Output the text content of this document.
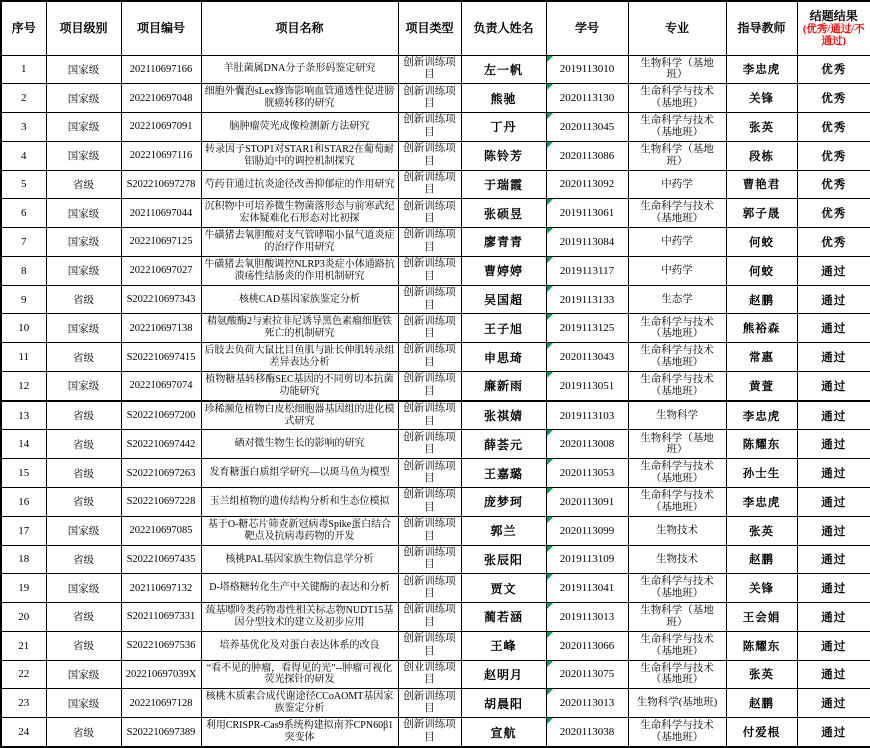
序号	项目级别	项目编号	项目名称	项目类型	负责人姓名	学号	专业	指导教师	结题结果
(优秀/通过/不通过)

1	国家级	202110697166	羊肚菌属DNA分子条形码鉴定研究	创新训练项目	左一帆	2019113010	生物科学（基地班）	李忠虎	优秀
2	国家级	202210697048	细胞外囊泡sLex修饰影响血管通透性促进膀胱癌转移的研究	创新训练项目	熊驰	2020113130	生命科学与技术（基地班）	关锋	优秀
3	国家级	202210697091	脑肿瘤荧光成像检测新方法研究	创新训练项目	丁丹	2020113045	生命科学与技术（基地班）	张英	优秀
4	国家级	202210697116	转录因子STOP1对STAR1和STAR2在葡萄耐铝胁迫中的调控机制探究	创新训练项目	陈铃芳	2020113086	生物科学（基地班）	段栋	优秀
5	省级	S202210697278	芍药苷通过抗炎途径改善抑郁症的作用研究	创新训练项目	于瑞霞	2020113092	中药学	曹艳君	优秀
6	国家级	202110697044	沉积物中可培养微生物菌落形态与前寒武纪宏体疑难化石形态对比初探	创新训练项目	张硕昱	2019113061	生命科学与技术（基地班）	郭子晟	优秀
7	国家级	202210697125	牛磺猪去氧胆酸对支气管哮喘小鼠气道炎症的治疗作用研究	创新训练项目	廖青青	2019113084	中药学	何蛟	优秀
8	国家级	202210697027	牛磺猪去氧胆酸调控NLRP3炎症小体通路抗溃疡性结肠炎的作用机制研究	创新训练项目	曹婷婷	2019113117	中药学	何蛟	通过
9	省级	S202210697343	核桃CAD基因家族鉴定分析	创新训练项目	吴国超	2019113133	生态学	赵鹏	通过
10	国家级	202210697138	精氨酸酶2与索拉非尼诱导黑色素瘤细胞铁死亡的机制研究	创新训练项目	王子旭	2019113125	生命科学与技术（基地班）	熊裕森	通过
11	省级	S202210697415	后肢去负荷大鼠比目鱼肌与趾长伸肌转录组差异表达分析	创新训练项目	申思琦	2020113043	生命科学与技术（基地班）	常惠	通过
12	国家级	202210697074	植物糖基转移酶SEC基因的不同剪切本抗菌功能研究	创新训练项目	廉新雨	2019113051	生命科学与技术（基地班）	黄萱	通过
13	省级	S202210697200	珍稀濒危植物白皮松细胞器基因组的进化模式研究	创新训练项目	张祺婧	2019113103	生物科学	李忠虎	通过
14	省级	S202210697442	硒对微生物生长的影响的研究	创新训练项目	薛荟元	2020113008	生物科学（基地班）	陈耀东	通过
15	省级	S202210697263	发育糖蛋白质组学研究—以斑马鱼为模型	创新训练项目	王嘉璐	2020113053	生命科学与技术（基地班）	孙士生	通过
16	省级	S202210697228	玉兰组植物的遗传结构分析和生态位模拟	创新训练项目	庞梦珂	2020113091	生命科学与技术（基地班）	李忠虎	通过
17	国家级	202210697085	基于O-糖芯片筛查新冠病毒Spike蛋白结合靶点及抗病毒药物的开发	创新训练项目	郭兰	2020113099	生物技术	张英	通过
18	省级	S202210697435	核桃PAL基因家族生物信息学分析	创新训练项目	张辰阳	2019113109	生物技术	赵鹏	通过
19	国家级	202110697132	D-塔格糖转化生产中关键酶的表达和分析	创新训练项目	贾文	2019113041	生命科学与技术（基地班）	关锋	通过
20	省级	S202110697331	巯基嘌呤类药物毒性相关标志物NUDT15基因分型技术的建立及初步应用	创新训练项目	蔺若涵	2019113013	生物科学（基地班）	王会娟	通过
21	省级	S202210697536	培养基优化及对蛋白表达体系的改良	创新训练项目	王峰	2020113066	生命科学与技术（基地班）	陈耀东	通过
22	国家级	202210697039X	“看不见的肿瘤，看得见的光”--肿瘤可视化荧光探针的研发	创业训练项目	赵明月	2020113075	生命科学与技术（基地班）	张英	通过
23	国家级	202210697128	核桃木质素合成代谢途径CCoAOMT基因家族鉴定分析	创新训练项目	胡晨阳	2020113013	生物科学(基地班)	赵鹏	通过
24	省级	S202210697389	利用CRISPR-Cas9系统构建拟南芥CPN60β1突变体	创新训练项目	宣航	2020113038	生命科学与技术（基地班）	付爱根	通过
